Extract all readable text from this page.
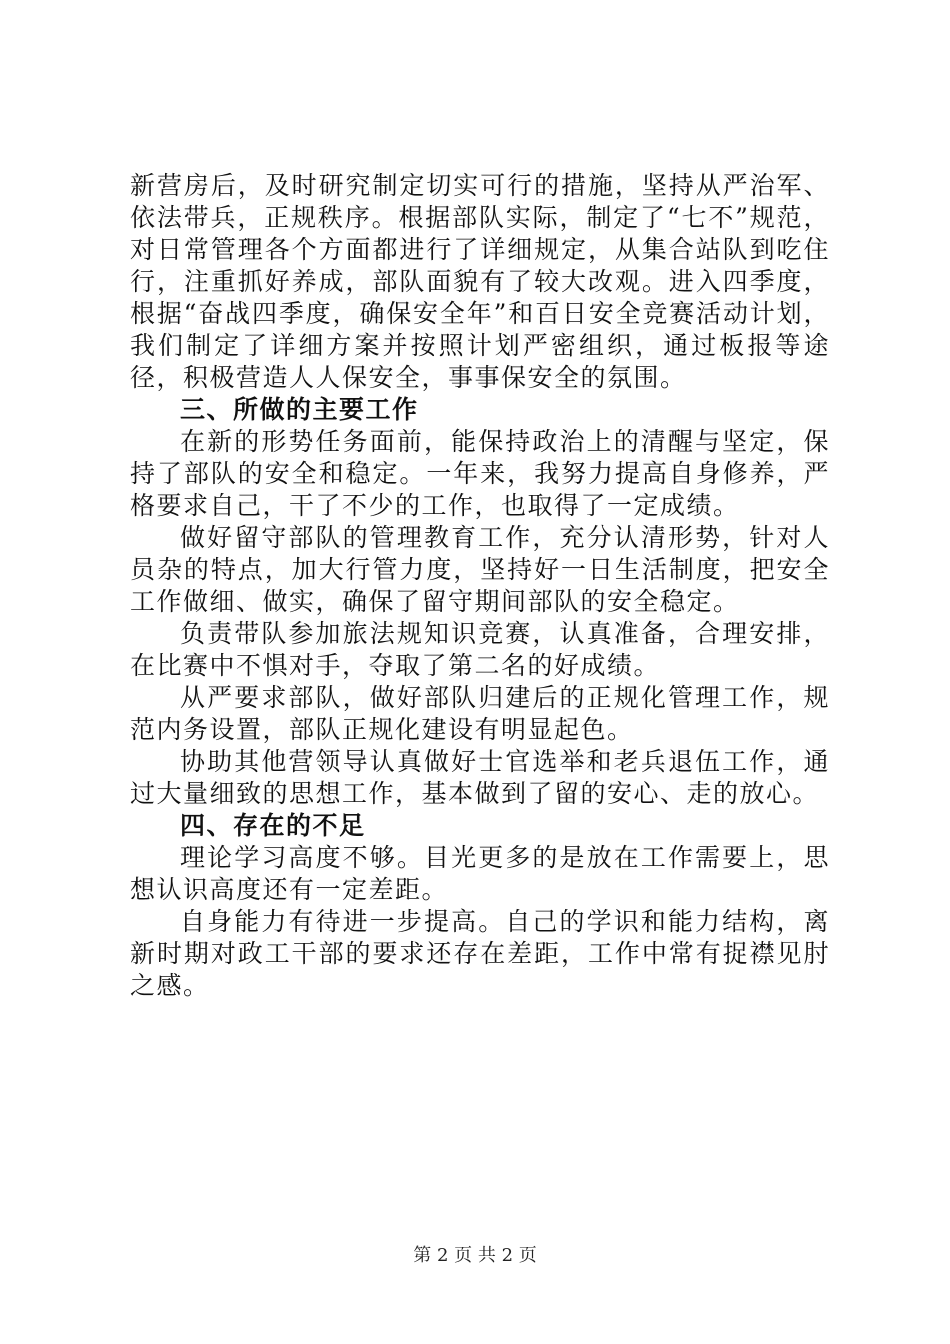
新营房后，及时研究制定切实可行的措施，坚持从严治军、依法带兵，正规秩序。根据部队实际，制定了“七不”规范，对日常管理各个方面都进行了详细规定，从集合站队到吃住行，注重抓好养成，部队面貌有了较大改观。进入四季度，根据“奋战四季度，确保安全年”和百日安全竞赛活动计划，我们制定了详细方案并按照计划严密组织，通过板报等途径，积极营造人人保安全，事事保安全的氛围。

三、所做的主要工作

在新的形势任务面前，能保持政治上的清醒与坚定，保持了部队的安全和稳定。一年来，我努力提高自身修养，严格要求自己，干了不少的工作，也取得了一定成绩。

做好留守部队的管理教育工作，充分认清形势，针对人员杂的特点，加大行管力度，坚持好一日生活制度，把安全工作做细、做实，确保了留守期间部队的安全稳定。

负责带队参加旅法规知识竞赛，认真准备，合理安排，在比赛中不惧对手，夺取了第二名的好成绩。

从严要求部队，做好部队归建后的正规化管理工作，规范内务设置，部队正规化建设有明显起色。

协助其他营领导认真做好士官选举和老兵退伍工作，通过大量细致的思想工作，基本做到了留的安心、走的放心。

四、存在的不足

理论学习高度不够。目光更多的是放在工作需要上，思想认识高度还有一定差距。

自身能力有待进一步提高。自己的学识和能力结构，离新时期对政工干部的要求还存在差距，工作中常有捉襟见肘之感。

第 2 页 共 2 页
